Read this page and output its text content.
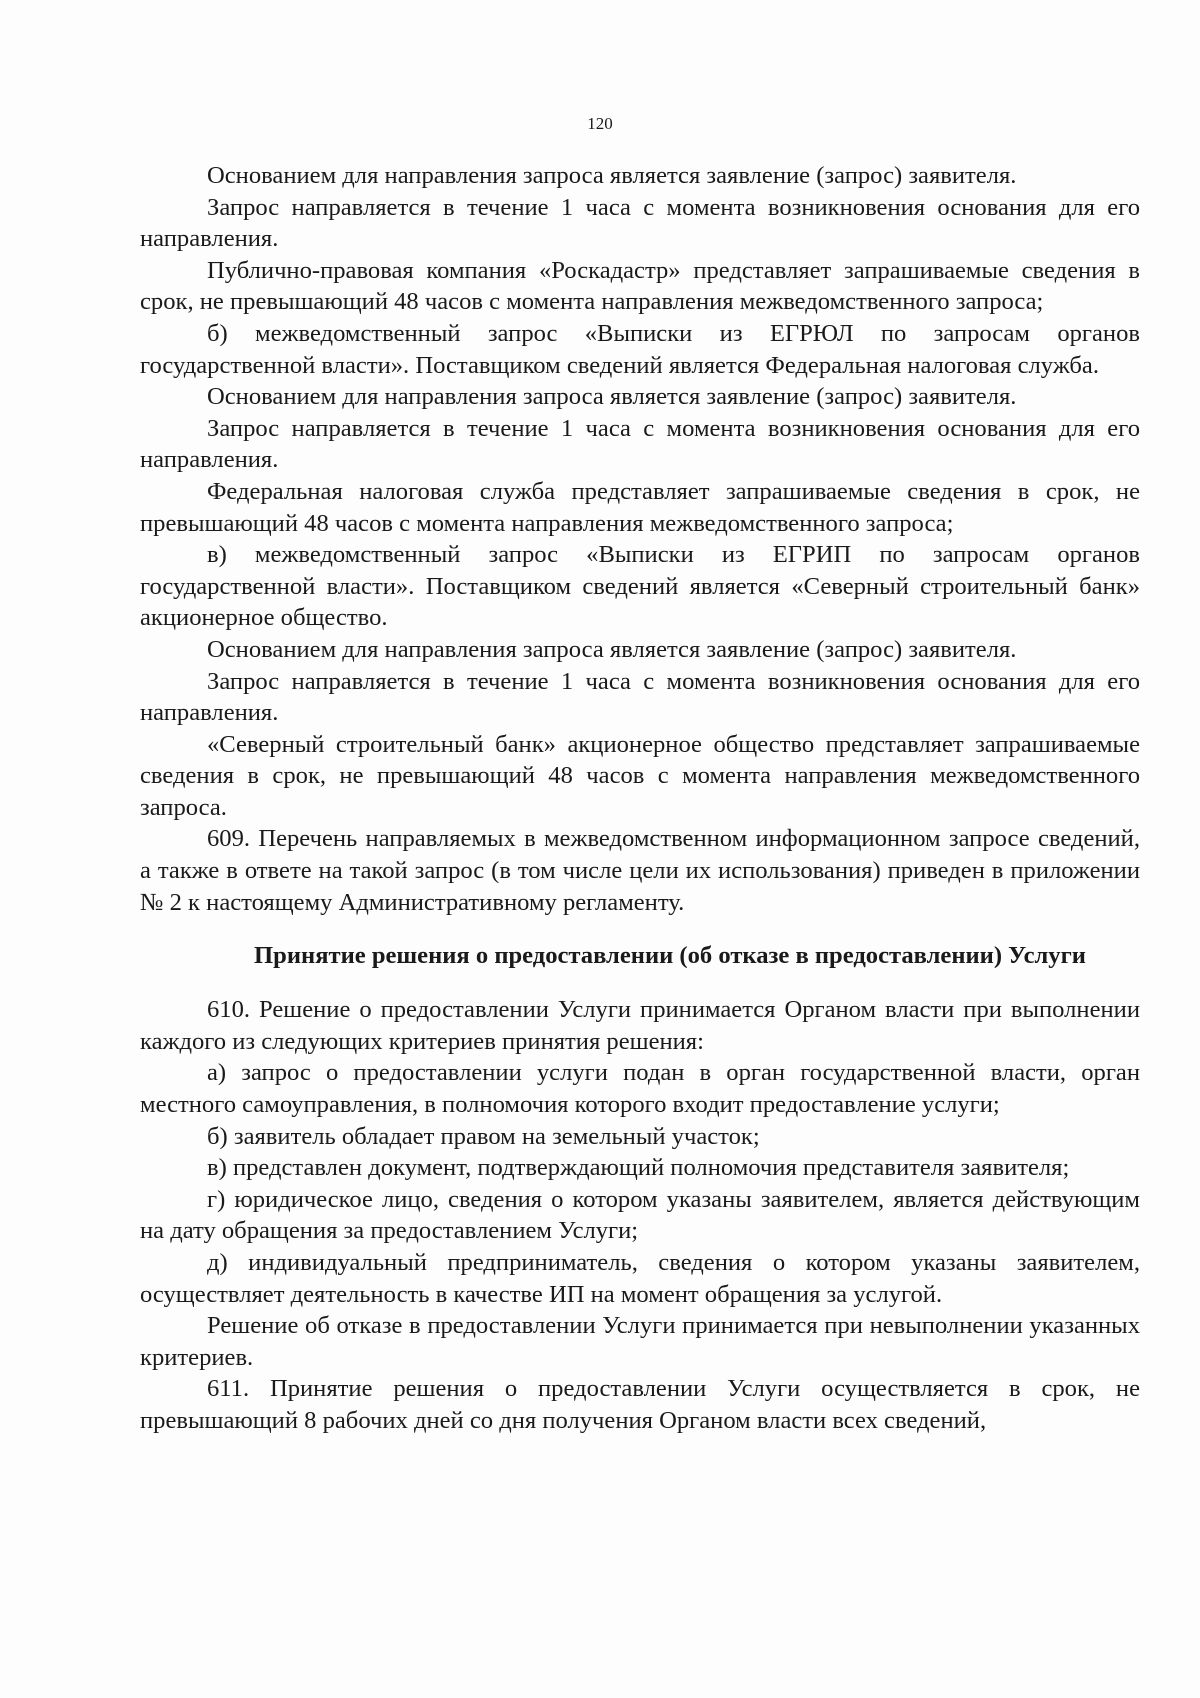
120

Основанием для направления запроса является заявление (запрос) заявителя.

Запрос направляется в течение 1 часа с момента возникновения основания для его направления.

Публично-правовая компания «Роскадастр» представляет запрашиваемые сведения в срок, не превышающий 48 часов с момента направления межведомственного запроса;

б) межведомственный запрос «Выписки из ЕГРЮЛ по запросам органов государственной власти». Поставщиком сведений является Федеральная налоговая служба.

Основанием для направления запроса является заявление (запрос) заявителя.

Запрос направляется в течение 1 часа с момента возникновения основания для его направления.

Федеральная налоговая служба представляет запрашиваемые сведения в срок, не превышающий 48 часов с момента направления межведомственного запроса;

в) межведомственный запрос «Выписки из ЕГРИП по запросам органов государственной власти». Поставщиком сведений является «Северный строительный банк» акционерное общество.

Основанием для направления запроса является заявление (запрос) заявителя.

Запрос направляется в течение 1 часа с момента возникновения основания для его направления.

«Северный строительный банк» акционерное общество представляет запрашиваемые сведения в срок, не превышающий 48 часов с момента направления межведомственного запроса.

609. Перечень направляемых в межведомственном информационном запросе сведений, а также в ответе на такой запрос (в том числе цели их использования) приведен в приложении № 2 к настоящему Административному регламенту.

Принятие решения о предоставлении (об отказе в предоставлении) Услуги

610. Решение о предоставлении Услуги принимается Органом власти при выполнении каждого из следующих критериев принятия решения:

а) запрос о предоставлении услуги подан в орган государственной власти, орган местного самоуправления, в полномочия которого входит предоставление услуги;

б) заявитель обладает правом на земельный участок;

в) представлен документ, подтверждающий полномочия представителя заявителя;

г) юридическое лицо, сведения о котором указаны заявителем, является действующим на дату обращения за предоставлением Услуги;

д) индивидуальный предприниматель, сведения о котором указаны заявителем, осуществляет деятельность в качестве ИП на момент обращения за услугой.

Решение об отказе в предоставлении Услуги принимается при невыполнении указанных критериев.

611. Принятие решения о предоставлении Услуги осуществляется в срок, не превышающий 8 рабочих дней со дня получения Органом власти всех сведений,
